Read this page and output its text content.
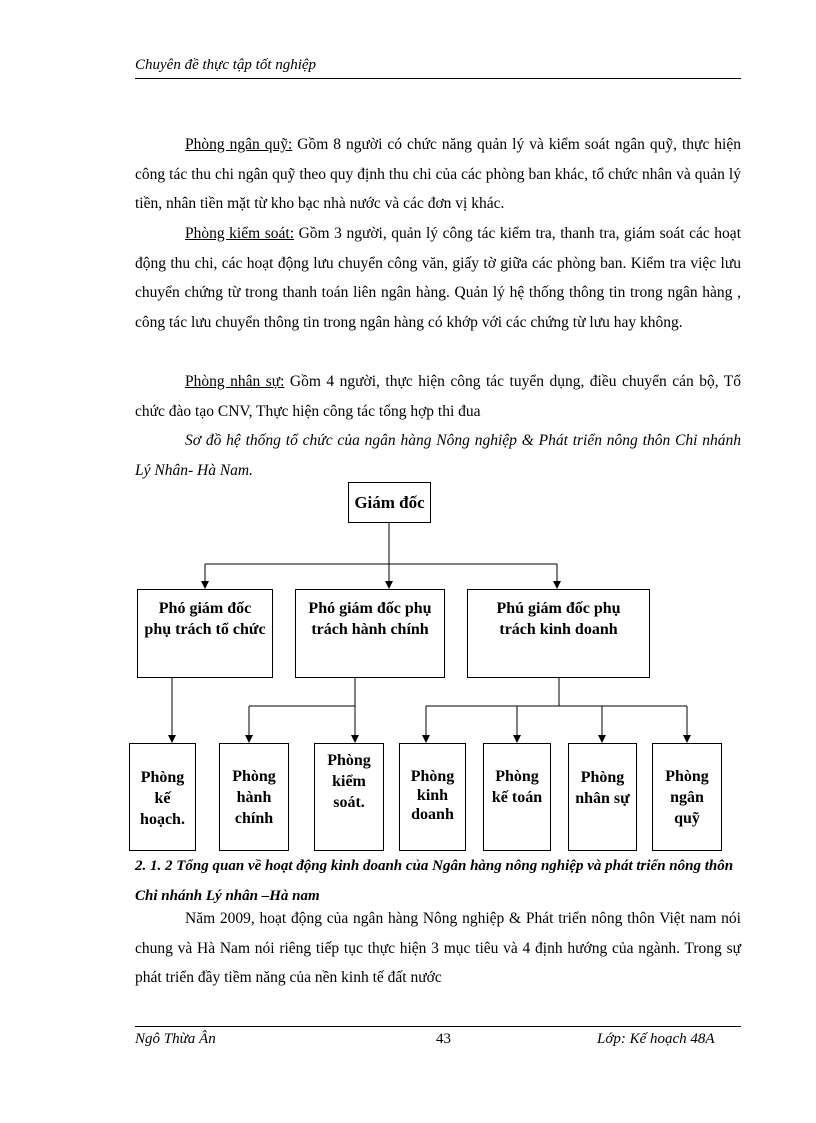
Chuyên đề thực tập tốt nghiệp
Phòng ngân quỹ: Gồm 8 người có chức năng quản lý và kiểm soát ngân quỹ, thực hiện công tác thu chi ngân quỹ theo quy định thu chi của các phòng ban khác, tổ chức nhân và quản lý tiền, nhân tiền mặt từ kho bạc nhà nước và các đơn vị khác.
Phòng kiểm soát: Gồm 3 người, quản lý công tác kiểm tra, thanh tra, giám soát các hoạt động thu chi, các hoạt động lưu chuyển công văn, giấy tờ giữa các phòng ban. Kiểm tra việc lưu chuyển chứng từ trong thanh toán liên ngân hàng. Quản lý hệ thống thông tin trong ngân hàng , công tác lưu chuyển thông tin trong ngân hàng có khớp với các chứng từ lưu hay không.
Phòng nhân sự: Gồm 4 người, thực hiện công tác tuyển dụng, điều chuyển cán bộ, Tổ chức đào tạo CNV, Thực hiện công tác tổng hợp thi đua
Sơ đồ hệ thống tổ chức của ngân hàng Nông nghiệp & Phát triển nông thôn Chi nhánh Lý Nhân- Hà Nam.
Giám đốc
Phó giám đốc phụ trách tổ chức
Phó giám đốc phụ trách hành chính
Phú giám đốc phụ trách kinh doanh
Phòng kế hoạch.
Phòng hành chính
Phòng kiểm soát.
Phòng kinh doanh
Phòng kế toán
Phòng nhân sự
Phòng ngân quỹ
2. 1. 2 Tổng quan về hoạt động kinh doanh của Ngân hàng nông nghiệp và phát triển nông thôn Chi nhánh Lý nhân –Hà nam
Năm 2009, hoạt động của ngân hàng Nông nghiệp & Phát triển nông thôn Việt nam nói chung và Hà Nam nói riêng tiếp tục thực hiện 3 mục tiêu và 4 định hướng của ngành. Trong sự phát triển đầy tiềm năng của nền kinh tế đất nước
Ngô Thừa Ân	43	Lớp: Kế hoạch 48A
